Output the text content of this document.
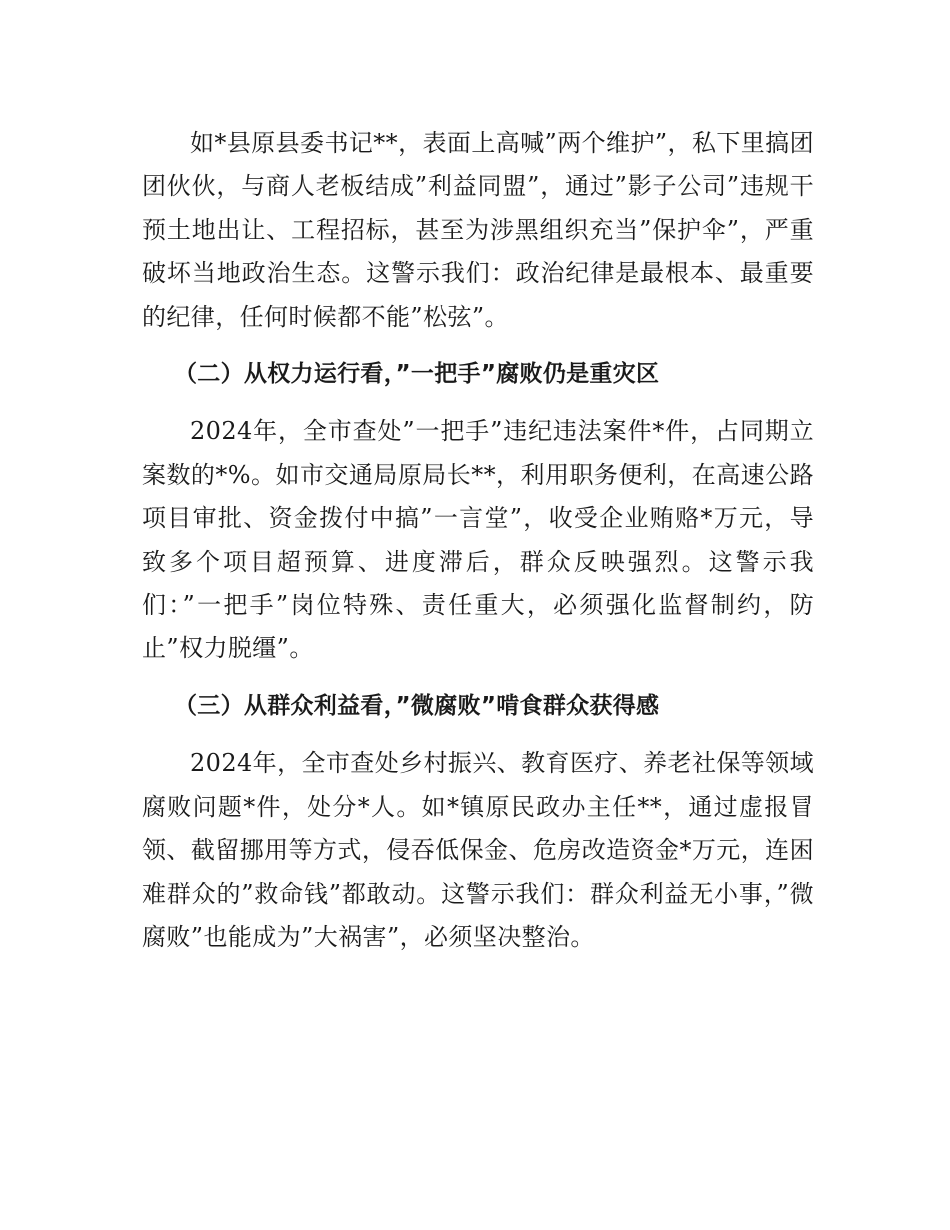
如*县原县委书记**，表面上高喊”两个维护”，私下里搞团团伙伙，与商人老板结成”利益同盟”，通过”影子公司”违规干预土地出让、工程招标，甚至为涉黑组织充当”保护伞”，严重破坏当地政治生态。这警示我们：政治纪律是最根本、最重要的纪律，任何时候都不能”松弦”。

（二）从权力运行看，”一把手”腐败仍是重灾区

2024年，全市查处”一把手”违纪违法案件*件，占同期立案数的*%。如市交通局原局长**，利用职务便利，在高速公路项目审批、资金拨付中搞”一言堂”，收受企业贿赂*万元，导致多个项目超预算、进度滞后，群众反映强烈。这警示我们：”一把手”岗位特殊、责任重大，必须强化监督制约，防止”权力脱缰”。

（三）从群众利益看，”微腐败”啃食群众获得感

2024年，全市查处乡村振兴、教育医疗、养老社保等领域腐败问题*件，处分*人。如*镇原民政办主任**，通过虚报冒领、截留挪用等方式，侵吞低保金、危房改造资金*万元，连困难群众的”救命钱”都敢动。这警示我们：群众利益无小事，”微腐败”也能成为”大祸害”，必须坚决整治。
